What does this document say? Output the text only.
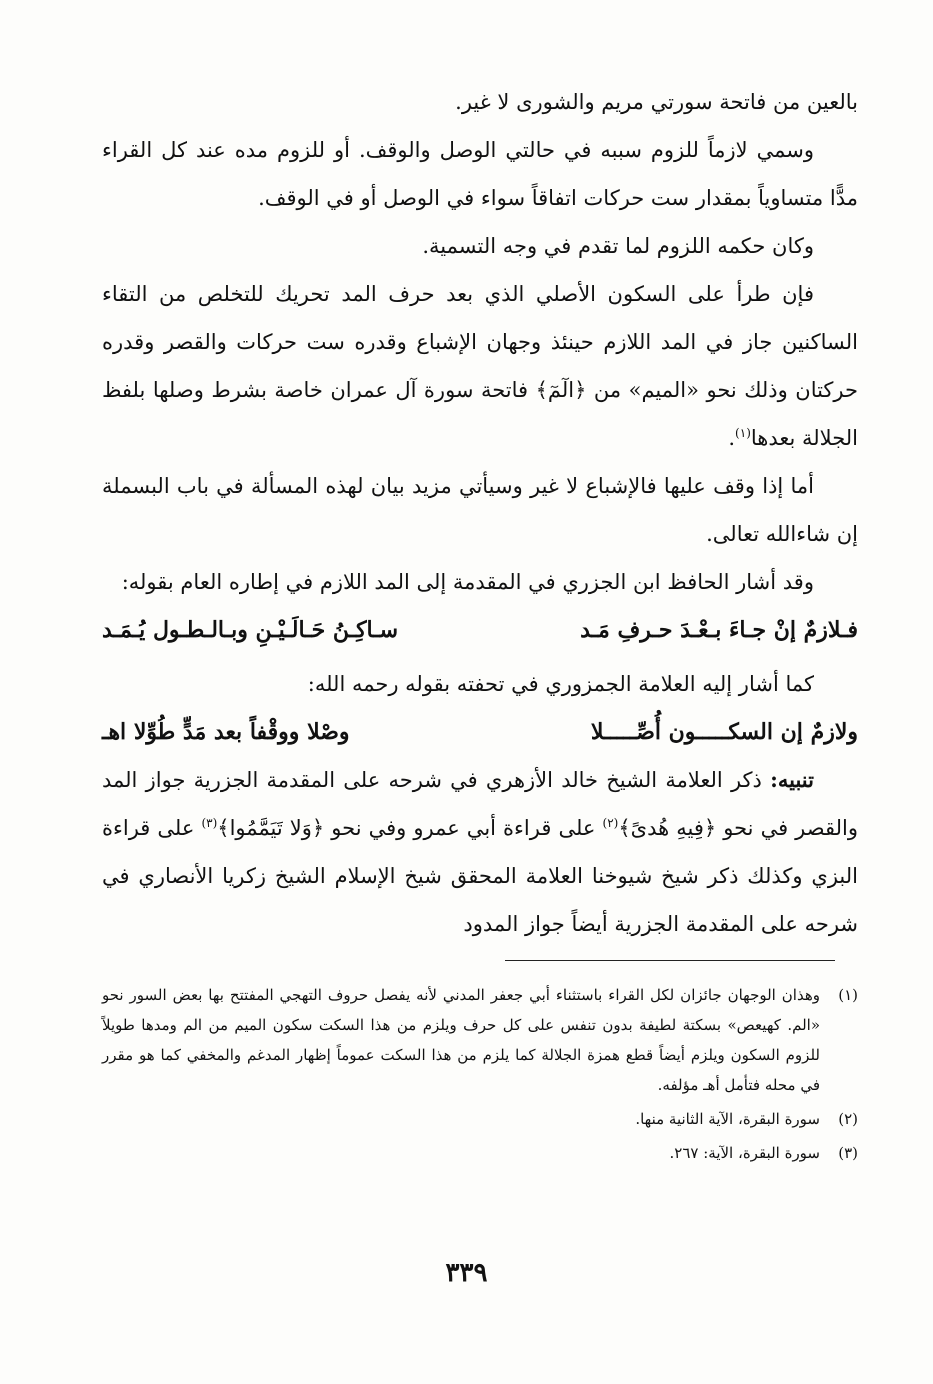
بالعين من فاتحة سورتي مريم والشورى لا غير.

وسمي لازماً للزوم سببه في حالتي الوصل والوقف. أو للزوم مده عند كل القراء مدًّا متساوياً بمقدار ست حركات اتفاقاً سواء في الوصل أو في الوقف.

وكان حكمه اللزوم لما تقدم في وجه التسمية.

فإن طرأ على السكون الأصلي الذي بعد حرف المد تحريك للتخلص من التقاء الساكنين جاز في المد اللازم حينئذ وجهان الإشباع وقدره ست حركات والقصر وقدره حركتان وذلك نحو «الميم» من ﴿الٓمٓ﴾ فاتحة سورة آل عمران خاصة بشرط وصلها بلفظ الجلالة بعدها$^{(١)}$.

أما إذا وقف عليها فالإشباع لا غير وسيأتي مزيد بيان لهذه المسألة في باب البسملة إن شاءالله تعالى.

وقد أشار الحافظ ابن الجزري في المقدمة إلى المد اللازم في إطاره العام بقوله:

فـلازمٌ إنْ جـاءَ بـعْـدَ حـرفِ مَـد
سـاكِـنُ حَـالَـيْـنِ وبـالـطـول يُـمَـد

كما أشار إليه العلامة الجمزوري في تحفته بقوله رحمه الله:

ولازمٌ إن السكـــــون أُصِّـــــلا
وصْلا ووقْفاً بعد مَدٍّ طُوِّلا اهـ

تنبيه: ذكر العلامة الشيخ خالد الأزهري في شرحه على المقدمة الجزرية جواز المد والقصر في نحو ﴿فِيهِ هُدىً﴾$^{(٢)}$ على قراءة أبي عمرو وفي نحو ﴿وَلا تَيَمَّمُوا﴾$^{(٣)}$ على قراءة البزي وكذلك ذكر شيخ شيوخنا العلامة المحقق شيخ الإسلام الشيخ زكريا الأنصاري في شرحه على المقدمة الجزرية أيضاً جواز المدود

(١)
وهذان الوجهان جائزان لكل القراء باستثناء أبي جعفر المدني لأنه يفصل حروف التهجي المفتتح بها بعض السور نحو «الم. كهيعص» بسكتة لطيفة بدون تنفس على كل حرف ويلزم من هذا السكت سكون الميم من الم ومدها طويلاً للزوم السكون ويلزم أيضاً قطع همزة الجلالة كما يلزم من هذا السكت عموماً إظهار المدغم والمخفي كما هو مقرر في محله فتأمل أهـ مؤلفه.
(٢)
سورة البقرة، الآية الثانية منها.
(٣)
سورة البقرة، الآية: ٢٦٧.
٣٣٩
